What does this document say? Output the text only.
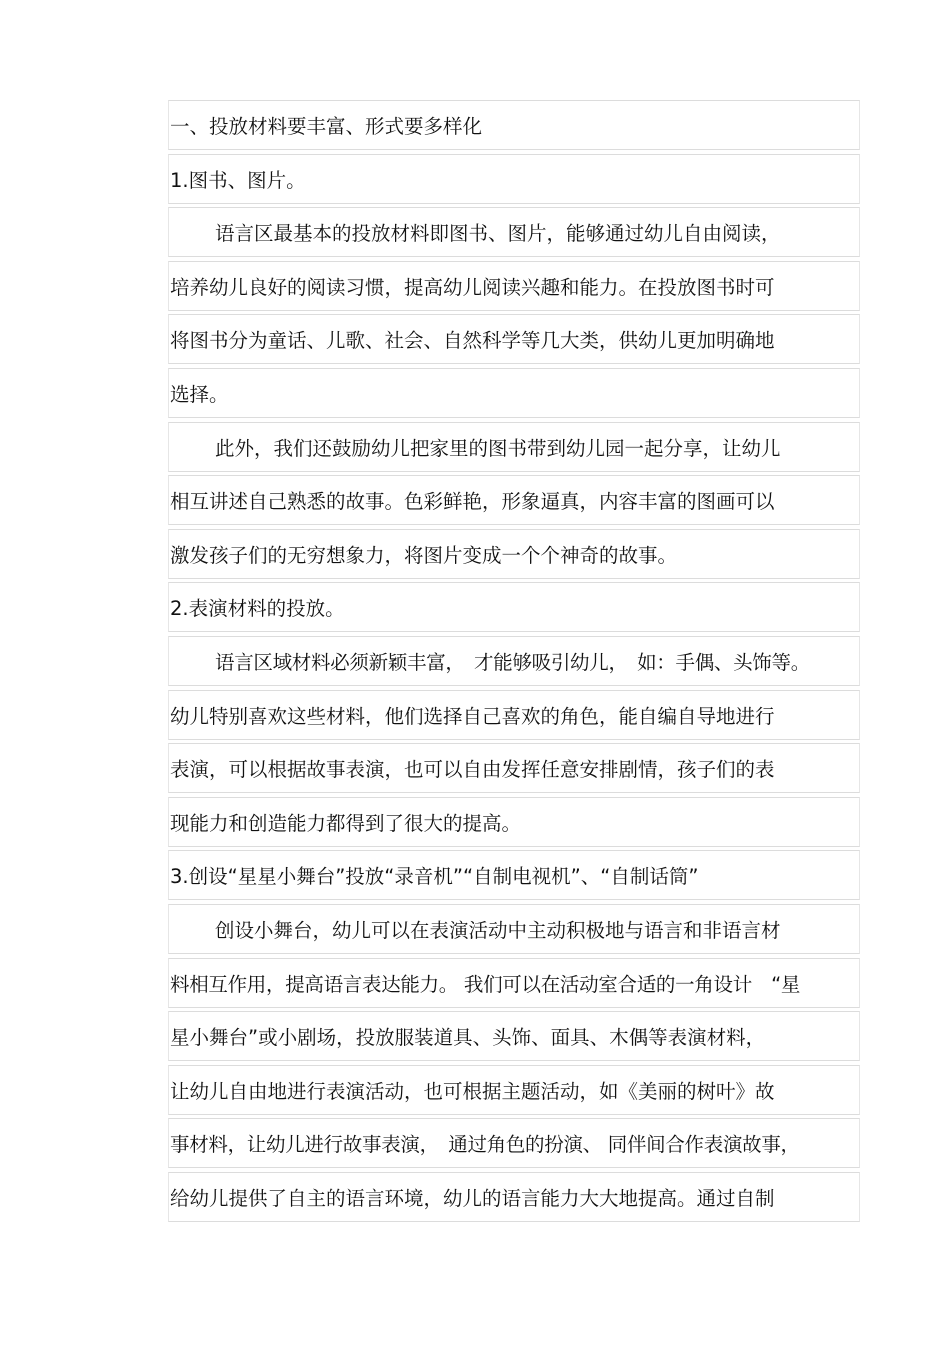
一、投放材料要丰富、形式要多样化
1.图书、图片。
语言区最基本的投放材料即图书、图片，能够通过幼儿自由阅读，
培养幼儿良好的阅读习惯，提高幼儿阅读兴趣和能力。在投放图书时可
将图书分为童话、儿歌、社会、自然科学等几大类，供幼儿更加明确地
选择。
此外，我们还鼓励幼儿把家里的图书带到幼儿园一起分享，让幼儿
相互讲述自己熟悉的故事。色彩鲜艳，形象逼真，内容丰富的图画可以
激发孩子们的无穷想象力，将图片变成一个个神奇的故事。
2.表演材料的投放。
语言区域材料必须新颖丰富，　才能够吸引幼儿，　如：手偶、头饰等。
幼儿特别喜欢这些材料，他们选择自己喜欢的角色，能自编自导地进行
表演，可以根据故事表演，也可以自由发挥任意安排剧情，孩子们的表
现能力和创造能力都得到了很大的提高。
3.创设“星星小舞台”投放“录音机”“自制电视机”、“自制话筒”
创设小舞台，幼儿可以在表演活动中主动积极地与语言和非语言材
料相互作用，提高语言表达能力。 我们可以在活动室合适的一角设计　“星
星小舞台”或小剧场，投放服装道具、头饰、面具、木偶等表演材料，
让幼儿自由地进行表演活动，也可根据主题活动，如《美丽的树叶》故
事材料，让幼儿进行故事表演，　通过角色的扮演、 同伴间合作表演故事，
给幼儿提供了自主的语言环境，幼儿的语言能力大大地提高。通过自制
